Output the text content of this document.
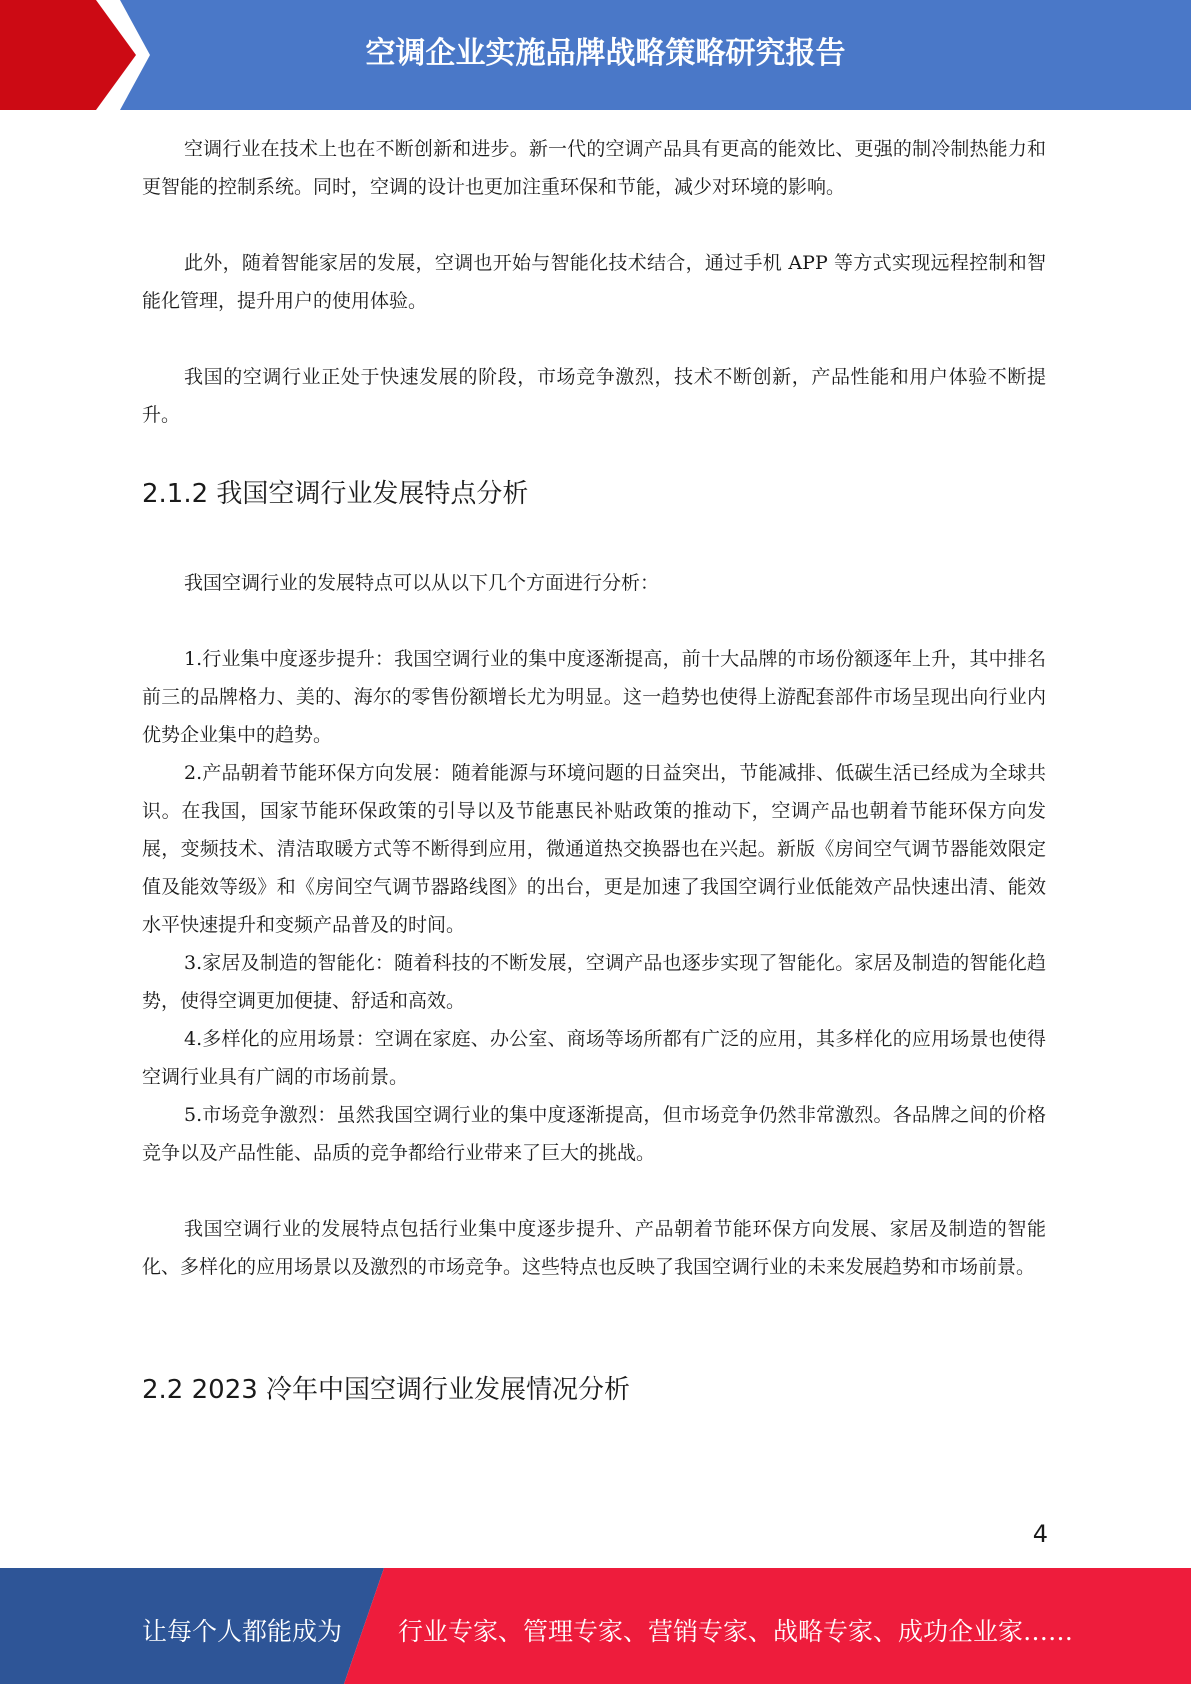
空调企业实施品牌战略策略研究报告

空调行业在技术上也在不断创新和进步。新一代的空调产品具有更高的能效比、更强的制冷制热能力和更智能的控制系统。同时，空调的设计也更加注重环保和节能，减少对环境的影响。

此外，随着智能家居的发展，空调也开始与智能化技术结合，通过手机 APP 等方式实现远程控制和智能化管理，提升用户的使用体验。

我国的空调行业正处于快速发展的阶段，市场竞争激烈，技术不断创新，产品性能和用户体验不断提升。

2.1.2 我国空调行业发展特点分析

我国空调行业的发展特点可以从以下几个方面进行分析：

1.行业集中度逐步提升：我国空调行业的集中度逐渐提高，前十大品牌的市场份额逐年上升，其中排名前三的品牌格力、美的、海尔的零售份额增长尤为明显。这一趋势也使得上游配套部件市场呈现出向行业内优势企业集中的趋势。

2.产品朝着节能环保方向发展：随着能源与环境问题的日益突出，节能减排、低碳生活已经成为全球共识。在我国，国家节能环保政策的引导以及节能惠民补贴政策的推动下，空调产品也朝着节能环保方向发展，变频技术、清洁取暖方式等不断得到应用，微通道热交换器也在兴起。新版《房间空气调节器能效限定值及能效等级》和《房间空气调节器路线图》的出台，更是加速了我国空调行业低能效产品快速出清、能效水平快速提升和变频产品普及的时间。

3.家居及制造的智能化：随着科技的不断发展，空调产品也逐步实现了智能化。家居及制造的智能化趋势，使得空调更加便捷、舒适和高效。

4.多样化的应用场景：空调在家庭、办公室、商场等场所都有广泛的应用，其多样化的应用场景也使得空调行业具有广阔的市场前景。

5.市场竞争激烈：虽然我国空调行业的集中度逐渐提高，但市场竞争仍然非常激烈。各品牌之间的价格竞争以及产品性能、品质的竞争都给行业带来了巨大的挑战。

我国空调行业的发展特点包括行业集中度逐步提升、产品朝着节能环保方向发展、家居及制造的智能化、多样化的应用场景以及激烈的市场竞争。这些特点也反映了我国空调行业的未来发展趋势和市场前景。

2.2 2023 冷年中国空调行业发展情况分析
4
让每个人都能成为 行业专家、管理专家、营销专家、战略专家、成功企业家……
